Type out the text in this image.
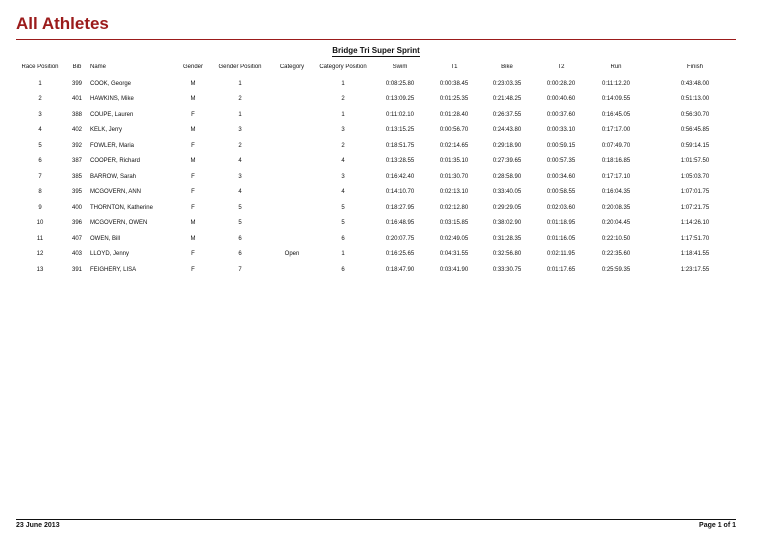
All Athletes
Bridge Tri Super Sprint
Race Position	Bib	Name	Gender	Gender Position	Category	Category Position	Swim	T1	Bike	T2	Run	Finish
1	399	COOK, George	M	1		1	0:08:25.80	0:00:38.45	0:23:03.35	0:00:28.20	0:11:12.20	0:43:48.00
2	401	HAWKINS, Mike	M	2		2	0:13:09.25	0:01:25.35	0:21:48.25	0:00:40.60	0:14:09.55	0:51:13.00
3	388	COUPE, Lauren	F	1		1	0:11:02.10	0:01:28.40	0:26:37.55	0:00:37.60	0:16:45.05	0:56:30.70
4	402	KELK, Jerry	M	3		3	0:13:15.25	0:00:56.70	0:24:43.80	0:00:33.10	0:17:17.00	0:56:45.85
5	392	FOWLER, Maria	F	2		2	0:18:51.75	0:02:14.65	0:29:18.90	0:00:59.15	0:07:49.70	0:59:14.15
6	387	COOPER, Richard	M	4		4	0:13:28.55	0:01:35.10	0:27:39.65	0:00:57.35	0:18:16.85	1:01:57.50
7	385	BARROW, Sarah	F	3		3	0:16:42.40	0:01:30.70	0:28:58.90	0:00:34.60	0:17:17.10	1:05:03.70
8	395	MCGOVERN, ANN	F	4		4	0:14:10.70	0:02:13.10	0:33:40.05	0:00:58.55	0:16:04.35	1:07:01.75
9	400	THORNTON, Katherine	F	5		5	0:18:27.95	0:02:12.80	0:29:29.05	0:02:03.60	0:20:08.35	1:07:21.75
10	396	MCGOVERN, OWEN	M	5		5	0:16:48.95	0:03:15.85	0:38:02.90	0:01:18.95	0:20:04.45	1:14:26.10
11	407	OWEN, Bill	M	6		6	0:20:07.75	0:02:49.05	0:31:28.35	0:01:16.05	0:22:10.50	1:17:51.70
12	403	LLOYD, Jenny	F	6	Open	1	0:16:25.65	0:04:31.55	0:32:56.80	0:02:11.95	0:22:35.60	1:18:41.55
13	391	FEIGHERY, LISA	F	7		6	0:18:47.90	0:03:41.90	0:33:30.75	0:01:17.65	0:25:59.35	1:23:17.55
23 June 2013	Page 1 of 1
